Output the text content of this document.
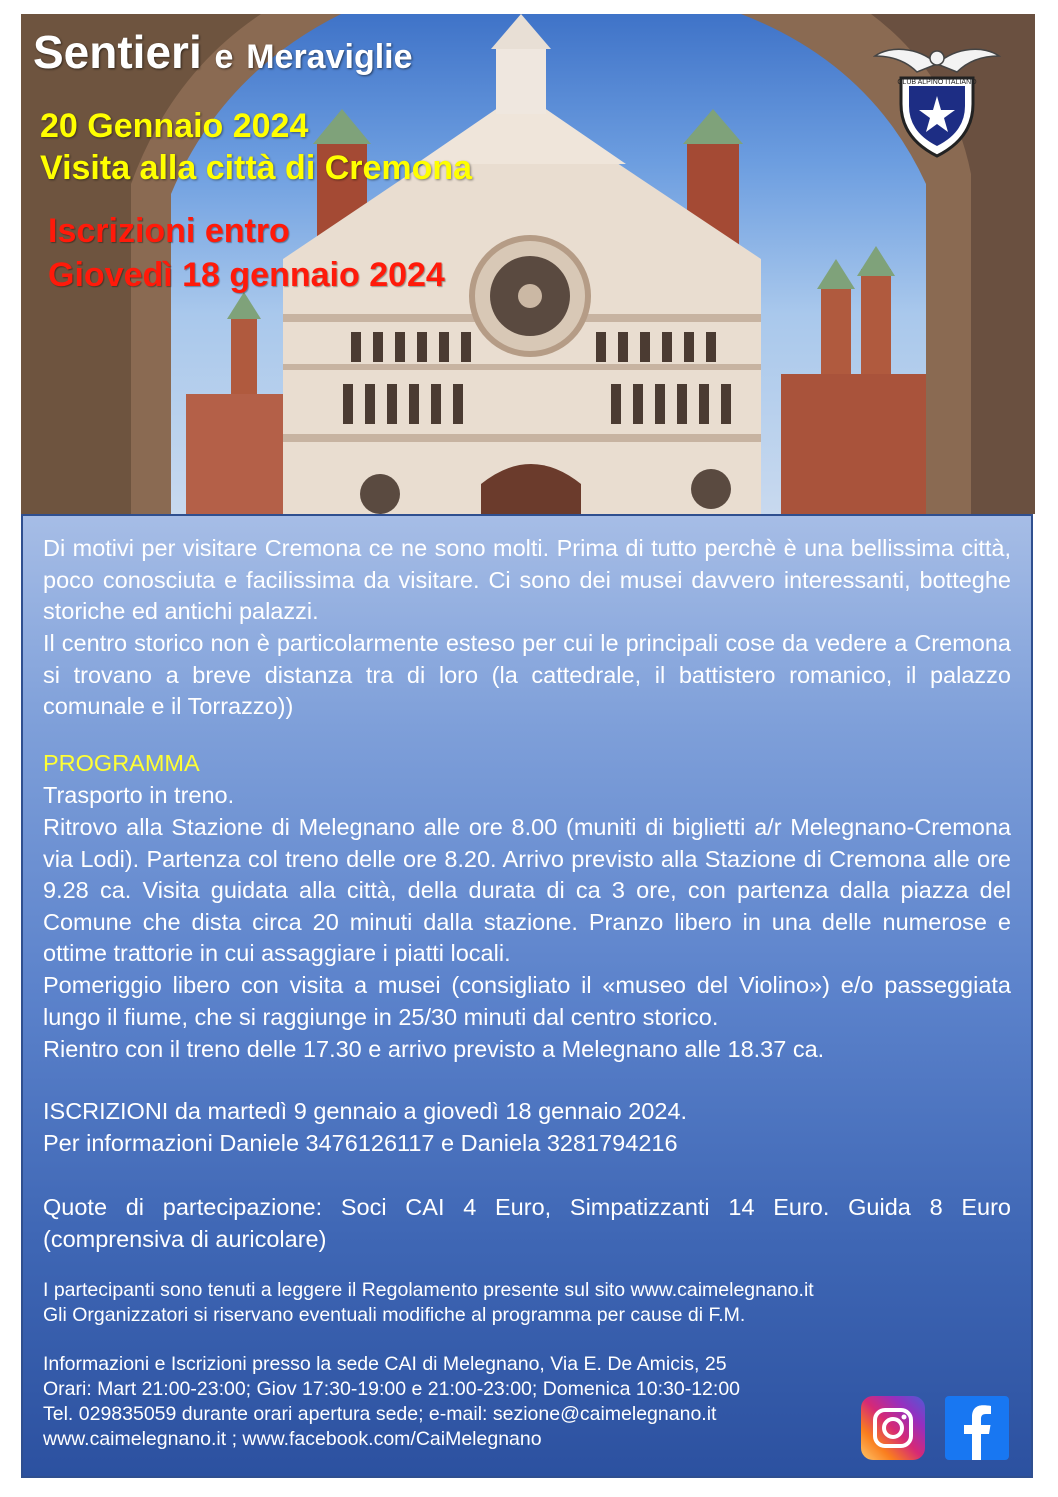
Sentieri e Meraviglie

20 Gennaio 2024

Visita alla città di Cremona

Iscrizioni entro

Giovedì 18 gennaio 2024

CLUB ALPINO ITALIANO

Di motivi per visitare Cremona ce ne sono molti. Prima di tutto perchè è una bellissima città, poco conosciuta e facilissima da visitare. Ci sono dei musei davvero interessanti, botteghe storiche ed antichi palazzi.

Il centro storico non è particolarmente esteso per cui le principali cose da vedere a Cremona si trovano a breve distanza tra di loro (la cattedrale, il battistero romanico, il palazzo comunale e il Torrazzo))

PROGRAMMA

Trasporto in treno.

Ritrovo alla Stazione di Melegnano alle ore 8.00 (muniti di biglietti a/r Melegnano-Cremona via Lodi). Partenza col treno delle ore 8.20. Arrivo previsto alla Stazione di Cremona alle ore 9.28 ca. Visita guidata alla città, della durata di ca 3 ore, con partenza dalla piazza del Comune che dista circa 20 minuti dalla stazione. Pranzo libero in una delle numerose e ottime trattorie in cui assaggiare i piatti locali.

Pomeriggio libero con visita a musei (consigliato il «museo del Violino») e/o passeggiata lungo il fiume, che si raggiunge in 25/30 minuti dal centro storico.

Rientro con il treno delle 17.30 e arrivo previsto a Melegnano alle 18.37 ca.

ISCRIZIONI da martedì 9 gennaio a giovedì 18 gennaio 2024.

Per informazioni Daniele 3476126117 e Daniela 3281794216

Quote di partecipazione: Soci CAI 4 Euro, Simpatizzanti 14 Euro. Guida 8 Euro (comprensiva di auricolare)

I partecipanti sono tenuti a leggere il Regolamento presente sul sito www.caimelegnano.it

Gli Organizzatori si riservano eventuali modifiche al programma per cause di F.M.

Informazioni e Iscrizioni presso la sede CAI di Melegnano, Via E. De Amicis, 25

Orari: Mart 21:00-23:00; Giov 17:30-19:00 e 21:00-23:00; Domenica 10:30-12:00

Tel. 029835059 durante orari apertura sede; e-mail: sezione@caimelegnano.it

www.caimelegnano.it ; www.facebook.com/CaiMelegnano
